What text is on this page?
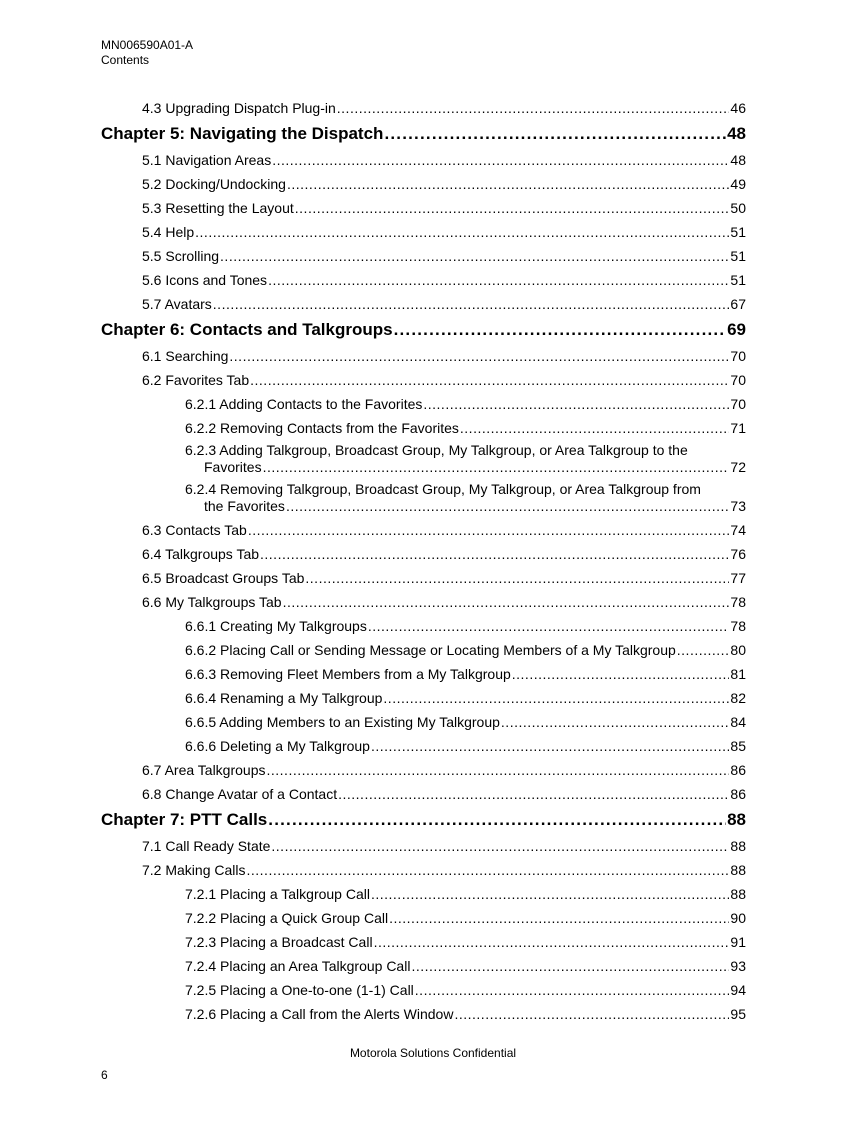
MN006590A01-A
Contents
4.3 Upgrading Dispatch Plug-in .....	46
Chapter 5: Navigating the Dispatch .....	48
5.1 Navigation Areas .....	48
5.2 Docking/Undocking .....	49
5.3 Resetting the Layout .....	50
5.4 Help .....	51
5.5 Scrolling .....	51
5.6 Icons and Tones .....	51
5.7 Avatars .....	67
Chapter 6: Contacts and Talkgroups .....	69
6.1 Searching .....	70
6.2 Favorites Tab .....	70
6.2.1 Adding Contacts to the Favorites .....	70
6.2.2 Removing Contacts from the Favorites .....	71
6.2.3 Adding Talkgroup, Broadcast Group, My Talkgroup, or Area Talkgroup to the
Favorites .....	72
6.2.4 Removing Talkgroup, Broadcast Group, My Talkgroup, or Area Talkgroup from
the Favorites .....	73
6.3 Contacts Tab .....	74
6.4 Talkgroups Tab .....	76
6.5 Broadcast Groups Tab .....	77
6.6 My Talkgroups Tab .....	78
6.6.1 Creating My Talkgroups .....	78
6.6.2 Placing Call or Sending Message or Locating Members of a My Talkgroup .....	80
6.6.3 Removing Fleet Members from a My Talkgroup .....	81
6.6.4 Renaming a My Talkgroup .....	82
6.6.5 Adding Members to an Existing My Talkgroup .....	84
6.6.6 Deleting a My Talkgroup .....	85
6.7 Area Talkgroups .....	86
6.8 Change Avatar of a Contact .....	86
Chapter 7: PTT Calls .....	88
7.1 Call Ready State .....	88
7.2 Making Calls .....	88
7.2.1 Placing a Talkgroup Call .....	88
7.2.2 Placing a Quick Group Call .....	90
7.2.3 Placing a Broadcast Call .....	91
7.2.4 Placing an Area Talkgroup Call .....	93
7.2.5 Placing a One-to-one (1-1) Call .....	94
7.2.6 Placing a Call from the Alerts Window .....	95
Motorola Solutions Confidential
6
